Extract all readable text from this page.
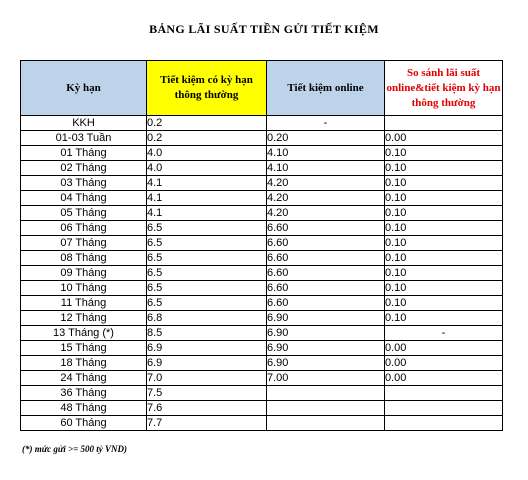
BẢNG LÃI SUẤT TIỀN GỬI TIẾT KIỆM
Kỳ hạn	Tiết kiệm có kỳ hạn thông thường	Tiết kiệm online	So sánh lãi suất online&tiết kiệm kỳ hạn thông thường
KKH	0.2	-	
01-03 Tuần	0.2	0.20	0.00
01 Tháng	4.0	4.10	0.10
02 Tháng	4.0	4.10	0.10
03 Tháng	4.1	4.20	0.10
04 Tháng	4.1	4.20	0.10
05 Tháng	4.1	4.20	0.10
06 Tháng	6.5	6.60	0.10
07 Tháng	6.5	6.60	0.10
08 Tháng	6.5	6.60	0.10
09 Tháng	6.5	6.60	0.10
10 Tháng	6.5	6.60	0.10
11 Tháng	6.5	6.60	0.10
12 Tháng	6.8	6.90	0.10
13 Tháng (*)	8.5	6.90	-
15 Tháng	6.9	6.90	0.00
18 Tháng	6.9	6.90	0.00
24 Tháng	7.0	7.00	0.00
36 Tháng	7.5		
48 Tháng	7.6		
60 Tháng	7.7		
(*) mức gửi >= 500 tỷ VND)
